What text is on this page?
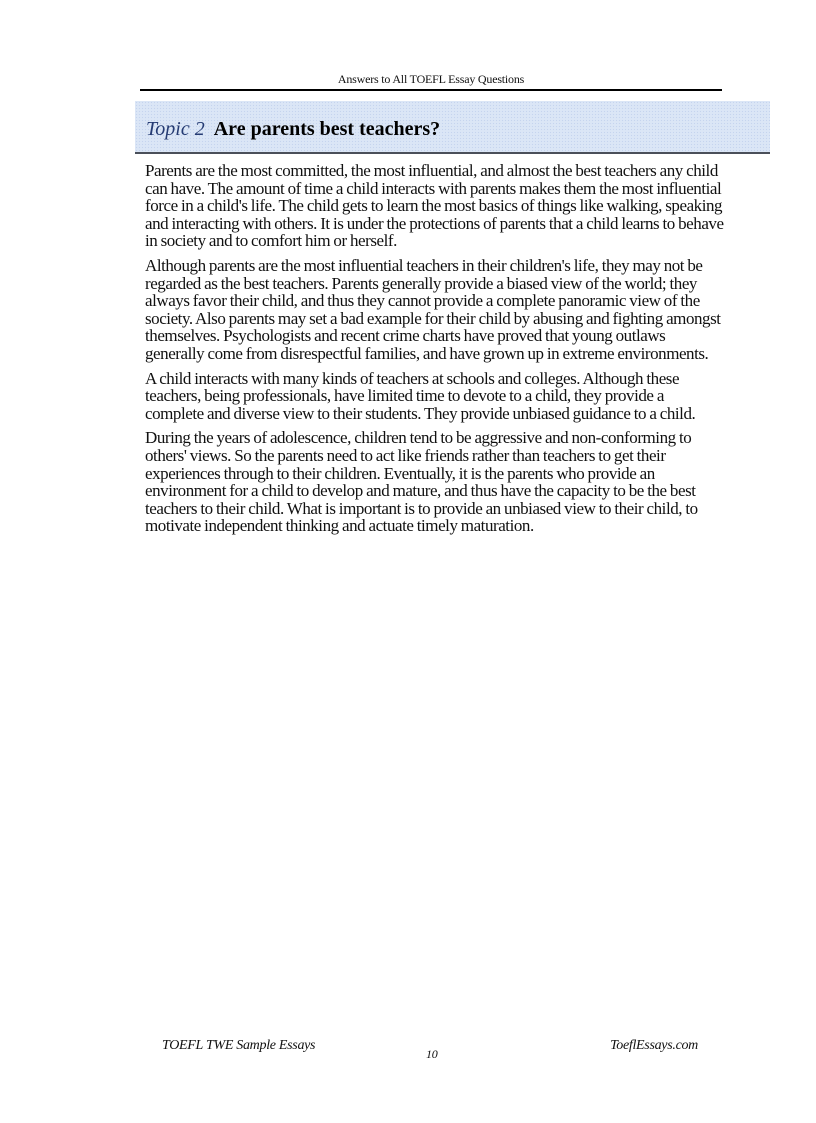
Answers to All TOEFL Essay Questions
Topic 2 Are parents best teachers?

Parents are the most committed, the most influential, and almost the best teachers any child can have. The amount of time a child interacts with parents makes them the most influential force in a child's life. The child gets to learn the most basics of things like walking, speaking and interacting with others. It is under the protections of parents that a child learns to behave in society and to comfort him or herself.

Although parents are the most influential teachers in their children's life, they may not be regarded as the best teachers. Parents generally provide a biased view of the world; they always favor their child, and thus they cannot provide a complete panoramic view of the society. Also parents may set a bad example for their child by abusing and fighting amongst themselves. Psychologists and recent crime charts have proved that young outlaws generally come from disrespectful families, and have grown up in extreme environments.

A child interacts with many kinds of teachers at schools and colleges. Although these teachers, being professionals, have limited time to devote to a child, they provide a complete and diverse view to their students. They provide unbiased guidance to a child.

During the years of adolescence, children tend to be aggressive and non-conforming to others' views. So the parents need to act like friends rather than teachers to get their experiences through to their children. Eventually, it is the parents who provide an environment for a child to develop and mature, and thus have the capacity to be the best teachers to their child. What is important is to provide an unbiased view to their child, to motivate independent thinking and actuate timely maturation.

TOEFL TWE Sample Essays
10
ToeflEssays.com
